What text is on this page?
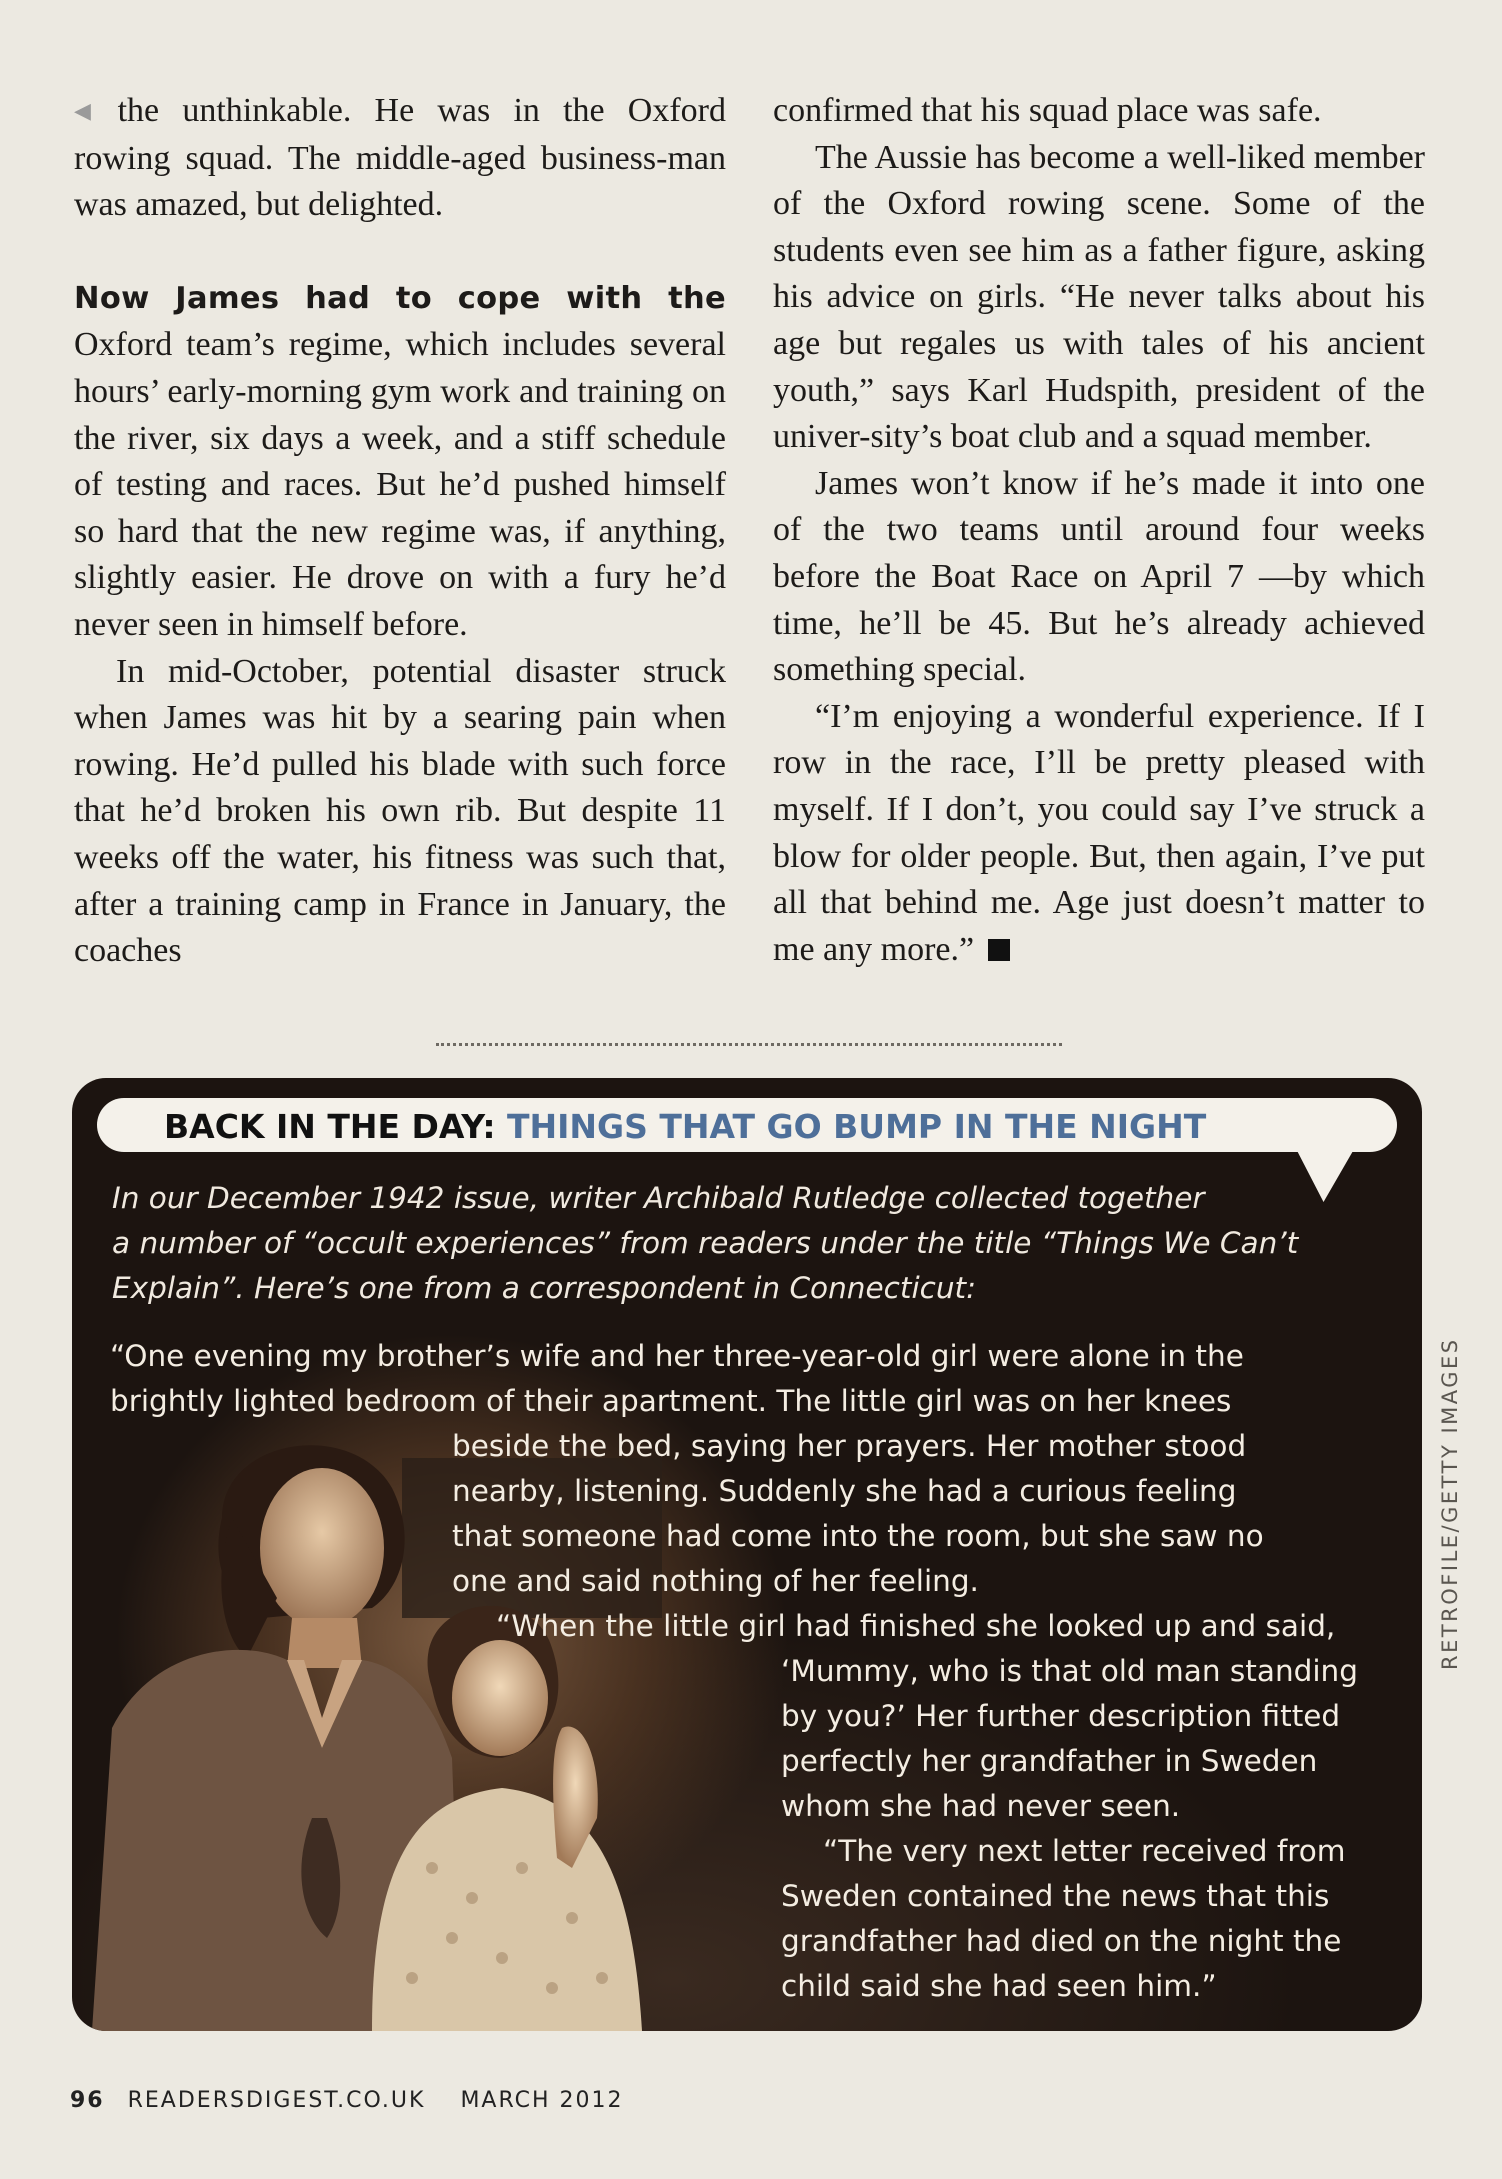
◀ the unthinkable. He was in the Oxford rowing squad. The middle-aged business-man was amazed, but delighted.

Now James had to cope with the Oxford team’s regime, which includes several hours’ early-morning gym work and training on the river, six days a week, and a stiff schedule of testing and races. But he’d pushed himself so hard that the new regime was, if anything, slightly easier. He drove on with a fury he’d never seen in himself before.

In mid-October, potential disaster struck when James was hit by a searing pain when rowing. He’d pulled his blade with such force that he’d broken his own rib. But despite 11 weeks off the water, his fitness was such that, after a training camp in France in January, the coaches

confirmed that his squad place was safe.

The Aussie has become a well-liked member of the Oxford rowing scene. Some of the students even see him as a father figure, asking his advice on girls. “He never talks about his age but regales us with tales of his ancient youth,” says Karl Hudspith, president of the univer-sity’s boat club and a squad member.

James won’t know if he’s made it into one of the two teams until around four weeks before the Boat Race on April 7 —by which time, he’ll be 45. But he’s already achieved something special.

“I’m enjoying a wonderful experience. If I row in the race, I’ll be pretty pleased with myself. If I don’t, you could say I’ve struck a blow for older people. But, then again, I’ve put all that behind me. Age just doesn’t matter to me any more.”

BACK IN THE DAY: THINGS THAT GO BUMP IN THE NIGHT
In our December 1942 issue, writer Archibald Rutledge collected together
a number of “occult experiences” from readers under the title “Things We Can’t
Explain”. Here’s one from a correspondent in Connecticut:
“One evening my brother’s wife and her three-year-old girl were alone in the
brightly lighted bedroom of their apartment. The little girl was on her knees
beside the bed, saying her prayers. Her mother stood
nearby, listening. Suddenly she had a curious feeling
that someone had come into the room, but she saw no
one and said nothing of her feeling.
“When the little girl had finished she looked up and said,
‘Mummy, who is that old man standing
by you?’ Her further description fitted
perfectly her grandfather in Sweden
whom she had never seen.
“The very next letter received from
Sweden contained the news that this
grandfather had died on the night the
child said she had seen him.”
RETROFILE/GETTY IMAGES
96 READERSDIGEST.CO.UK MARCH 2012
